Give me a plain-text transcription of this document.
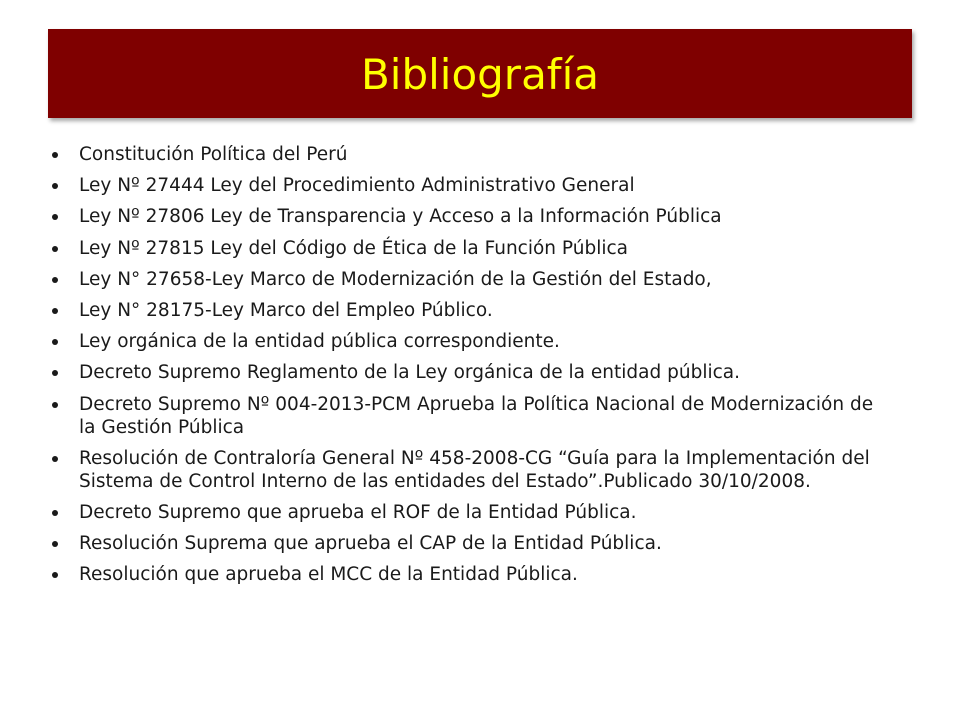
Bibliografía
Constitución Política del Perú
Ley Nº 27444 Ley del Procedimiento Administrativo General
Ley Nº 27806 Ley de Transparencia y Acceso a la Información Pública
Ley Nº 27815 Ley del Código de Ética de la Función Pública
Ley N° 27658-Ley Marco de Modernización de la Gestión del Estado,
Ley N° 28175-Ley Marco del Empleo Público.
Ley orgánica de la entidad pública correspondiente.
Decreto Supremo Reglamento de la Ley orgánica de la entidad pública.
Decreto Supremo Nº 004-2013-PCM Aprueba la Política Nacional de Modernización de la Gestión Pública
Resolución de Contraloría General Nº 458-2008-CG “Guía para la Implementación del Sistema de Control Interno de las entidades del Estado”.Publicado 30/10/2008.
Decreto Supremo que aprueba el ROF de la Entidad Pública.
Resolución Suprema que aprueba el CAP de la Entidad Pública.
Resolución que aprueba el MCC de la Entidad Pública.
